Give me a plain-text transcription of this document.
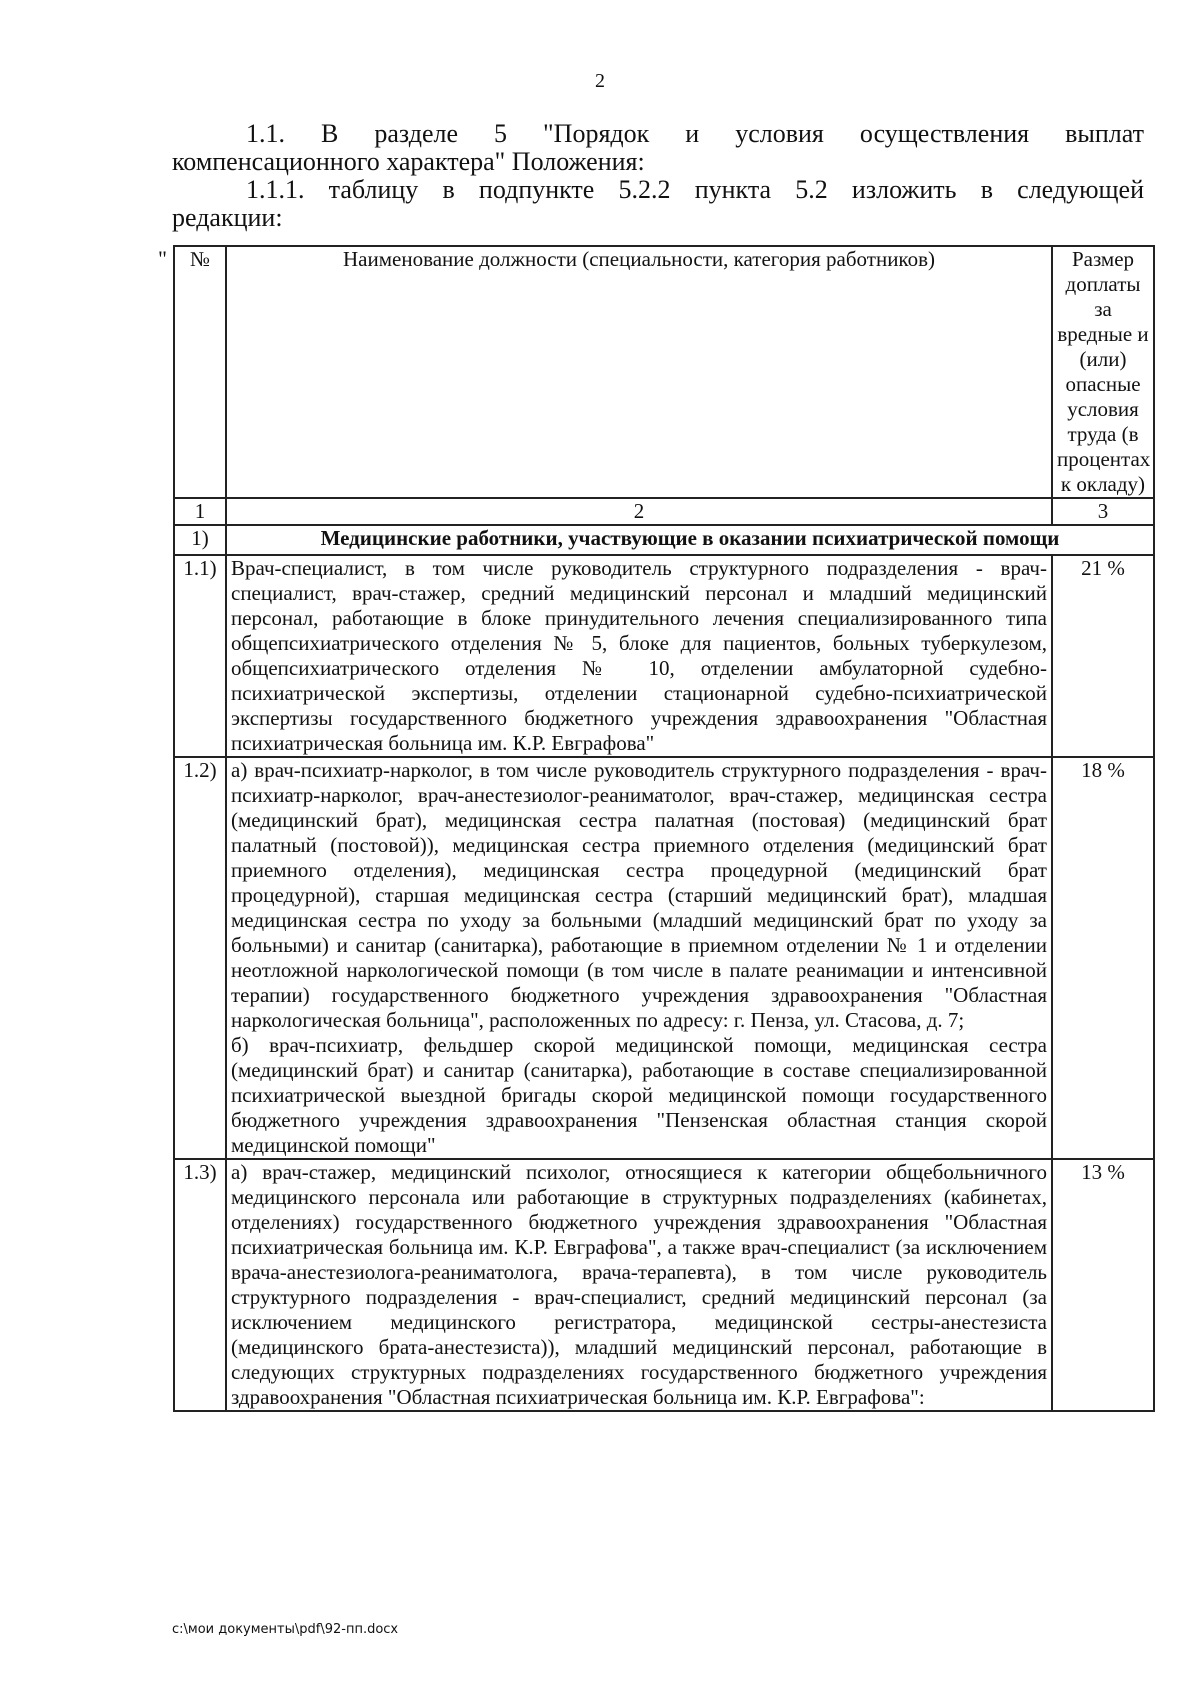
2

1.1. В разделе 5 "Порядок и условия осуществления выплат

компенсационного характера" Положения:

1.1.1. таблицу в подпункте 5.2.2 пункта 5.2 изложить в следующей

редакции:

" №	Наименование должности (специальности, категория работников)	Размер доплаты за вредные и (или) опасные условия труда (в процентах к окладу)
1	2	3
1)	Медицинские работники, участвующие в оказании психиатрической помощи	
1.1)	Врач-специалист, в том числе руководитель структурного подразделения - врач-специалист, врач-стажер, средний медицинский персонал и младший медицинский персонал, работающие в блоке принудительного лечения специализированного типа общепсихиатрического отделения № 5, блоке для пациентов, больных туберкулезом, общепсихиатрического отделения № 10, отделении амбулаторной судебно-психиатрической экспертизы, отделении стационарной судебно-психиатрической экспертизы государственного бюджетного учреждения здравоохранения "Областная психиатрическая больница им. К.Р. Евграфова"	21 %
1.2)	а) врач-психиатр-нарколог, в том числе руководитель структурного подразделения - врач-психиатр-нарколог, врач-анестезиолог-реаниматолог, врач-стажер, медицинская сестра (медицинский брат), медицинская сестра палатная (постовая) (медицинский брат палатный (постовой)), медицинская сестра приемного отделения (медицинский брат приемного отделения), медицинская сестра процедурной (медицинский брат процедурной), старшая медицинская сестра (старший медицинский брат), младшая медицинская сестра по уходу за больными (младший медицинский брат по уходу за больными) и санитар (санитарка), работающие в приемном отделении № 1 и отделении неотложной наркологической помощи (в том числе в палате реанимации и интенсивной терапии) государственного бюджетного учреждения здравоохранения "Областная наркологическая больница", расположенных по адресу: г. Пенза, ул. Стасова, д. 7;
б) врач-психиатр, фельдшер скорой медицинской помощи, медицинская сестра (медицинский брат) и санитар (санитарка), работающие в составе специализированной психиатрической выездной бригады скорой медицинской помощи государственного бюджетного учреждения здравоохранения "Пензенская областная станция скорой медицинской помощи"	18 %
1.3)	а) врач-стажер, медицинский психолог, относящиеся к категории общебольничного медицинского персонала или работающие в структурных подразделениях (кабинетах, отделениях) государственного бюджетного учреждения здравоохранения "Областная психиатрическая больница им. К.Р. Евграфова", а также врач-специалист (за исключением врача-анестезиолога-реаниматолога, врача-терапевта), в том числе руководитель структурного подразделения - врач-специалист, средний медицинский персонал (за исключением медицинского регистратора, медицинской сестры-анестезиста (медицинского брата-анестезиста)), младший медицинский персонал, работающие в следующих структурных подразделениях государственного бюджетного учреждения здравоохранения "Областная психиатрическая больница им. К.Р. Евграфова":	13 %
c:\мои документы\pdf\92-пп.docx
